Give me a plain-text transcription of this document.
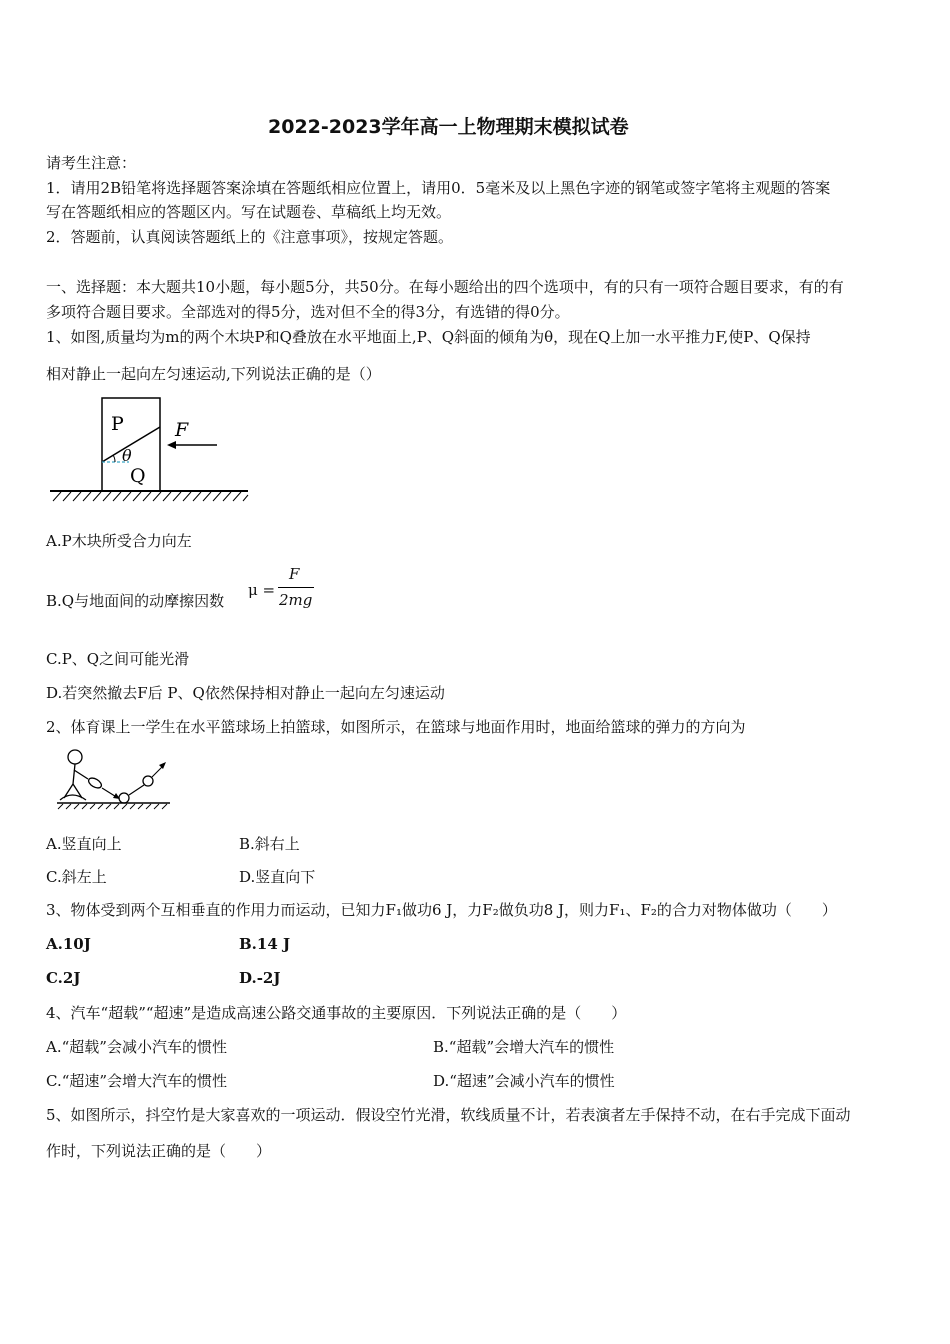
2022-2023学年高一上物理期末模拟试卷
请考生注意：
1．请用2B铅笔将选择题答案涂填在答题纸相应位置上，请用0．5毫米及以上黑色字迹的钢笔或签字笔将主观题的答案
写在答题纸相应的答题区内。写在试题卷、草稿纸上均无效。
2．答题前，认真阅读答题纸上的《注意事项》，按规定答题。
一、选择题：本大题共10小题，每小题5分，共50分。在每小题给出的四个选项中，有的只有一项符合题目要求，有的有
多项符合题目要求。全部选对的得5分，选对但不全的得3分，有选错的得0分。
1、如图,质量均为m的两个木块P和Q叠放在水平地面上,P、Q斜面的倾角为θ，现在Q上加一水平推力F,使P、Q保持
相对静止一起向左匀速运动,下列说法正确的是（）
P
Q
F
θ
A.P木块所受合力向左
B.Q与地面间的动摩擦因数
μ =
F
2mg
C.P、Q之间可能光滑
D.若突然撤去F后 P、Q依然保持相对静止一起向左匀速运动
2、体育课上一学生在水平篮球场上拍篮球，如图所示，在篮球与地面作用时，地面给篮球的弹力的方向为
A.竖直向上	B.斜右上
C.斜左上	D.竖直向下
3、物体受到两个互相垂直的作用力而运动，已知力F₁做功6 J，力F₂做负功8 J，则力F₁、F₂的合力对物体做功（　　）
A.10J	B.14 J
C.2J	D.-2J
4、汽车“超载”“超速”是造成高速公路交通事故的主要原因．下列说法正确的是（　　）
A.“超载”会减小汽车的惯性	B.“超载”会增大汽车的惯性
C.“超速”会增大汽车的惯性	D.“超速”会减小汽车的惯性
5、如图所示，抖空竹是大家喜欢的一项运动．假设空竹光滑，软线质量不计，若表演者左手保持不动，在右手完成下面动
作时，下列说法正确的是（　　）
